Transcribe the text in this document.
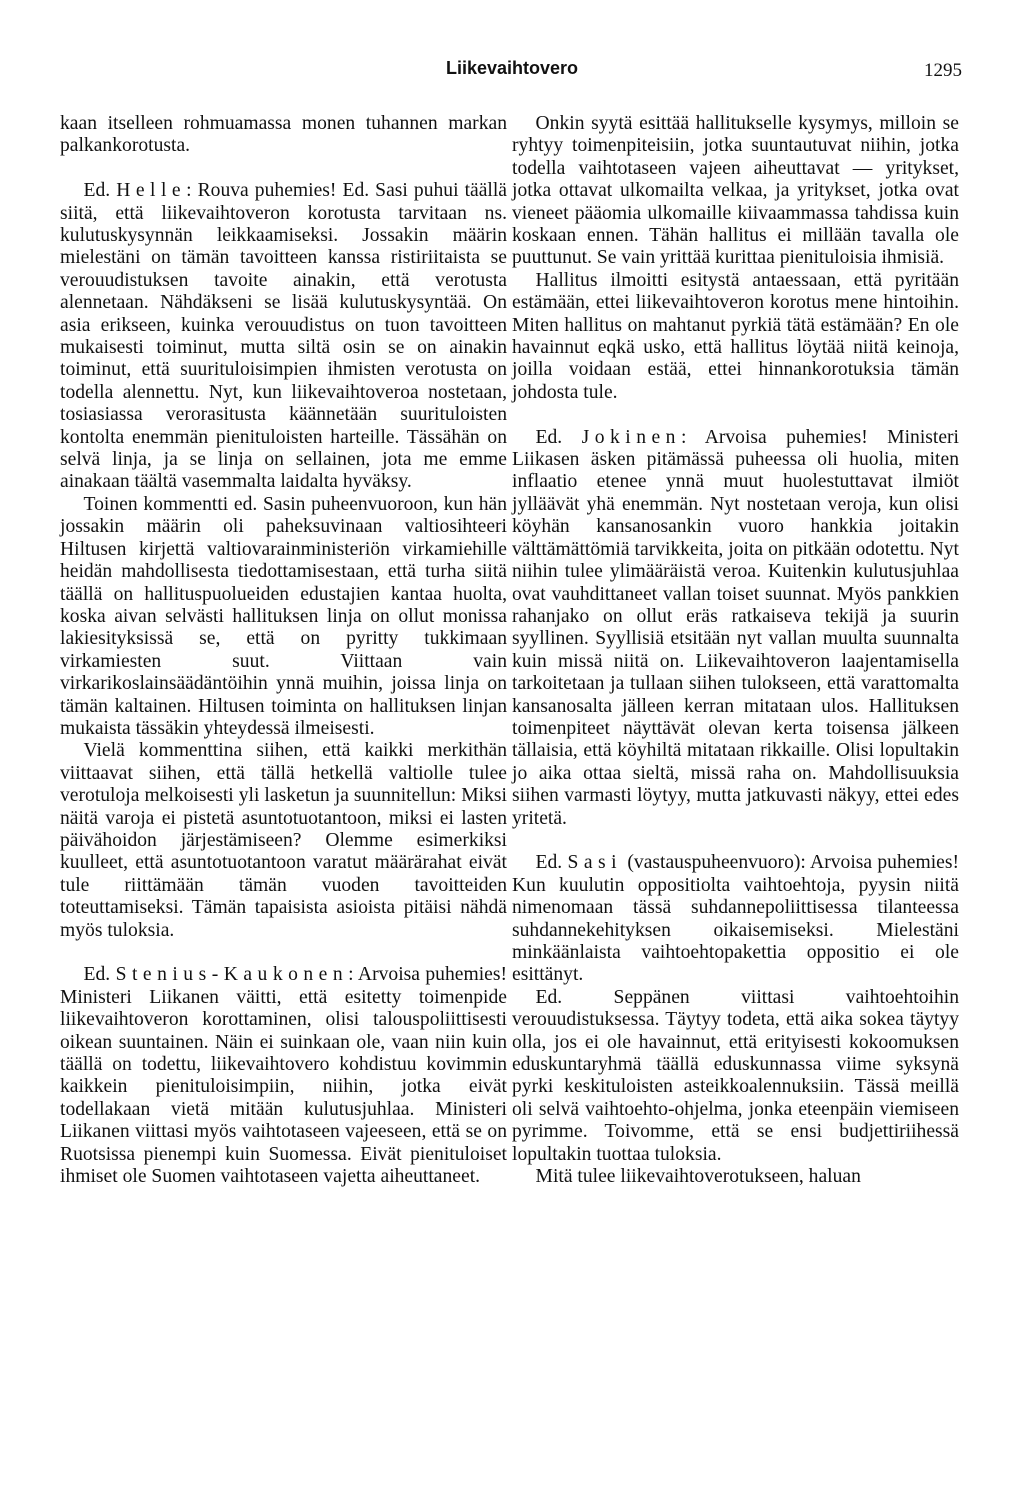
Liikevaihtovero	1295

kaan itselleen rohmuamassa monen tuhannen markan palkankorotusta.

Ed. Helle: Rouva puhemies! Ed. Sasi puhui täällä siitä, että liikevaihtoveron korotusta tarvitaan ns. kulutuskysynnän leikkaamiseksi. Jossakin määrin mielestäni on tämän tavoitteen kanssa ristiriitaista se verouudistuksen tavoite ainakin, että verotusta alennetaan. Nähdäkseni se lisää kulutuskysyntää. On asia erikseen, kuinka verouudistus on tuon tavoitteen mukaisesti toiminut, mutta siltä osin se on ainakin toiminut, että suurituloisimpien ihmisten verotusta on todella alennettu. Nyt, kun liikevaihtoveroa nostetaan, tosiasiassa verorasitusta käännetään suurituloisten kontolta enemmän pienituloisten harteille. Tässähän on selvä linja, ja se linja on sellainen, jota me emme ainakaan täältä vasemmalta laidalta hyväksy.

Toinen kommentti ed. Sasin puheenvuoroon, kun hän jossakin määrin oli paheksuvinaan valtiosihteeri Hiltusen kirjettä valtiovarainministeriön virkamiehille heidän mahdollisesta tiedottamisestaan, että turha siitä täällä on hallituspuolueiden edustajien kantaa huolta, koska aivan selvästi hallituksen linja on ollut monissa lakiesityksissä se, että on pyritty tukkimaan virkamiesten suut. Viittaan vain virkarikoslainsäädäntöihin ynnä muihin, joissa linja on tämän kaltainen. Hiltusen toiminta on hallituksen linjan mukaista tässäkin yhteydessä ilmeisesti.

Vielä kommenttina siihen, että kaikki merkithän viittaavat siihen, että tällä hetkellä valtiolle tulee verotuloja melkoisesti yli lasketun ja suunnitellun: Miksi näitä varoja ei pistetä asuntotuotantoon, miksi ei lasten päivähoidon järjestämiseen? Olemme esimerkiksi kuulleet, että asuntotuotantoon varatut määrärahat eivät tule riittämään tämän vuoden tavoitteiden toteuttamiseksi. Tämän tapaisista asioista pitäisi nähdä myös tuloksia.

Ed. Stenius-Kaukonen: Arvoisa puhemies! Ministeri Liikanen väitti, että esitetty toimenpide liikevaihtoveron korottaminen, olisi talouspoliittisesti oikean suuntainen. Näin ei suinkaan ole, vaan niin kuin täällä on todettu, liikevaihtovero kohdistuu kovimmin kaikkein pienituloisimpiin, niihin, jotka eivät todellakaan vietä mitään kulutusjuhlaa. Ministeri Liikanen viittasi myös vaihtotaseen vajeeseen, että se on Ruotsissa pienempi kuin Suomessa. Eivät pienituloiset ihmiset ole Suomen vaihtotaseen vajetta aiheuttaneet.

Onkin syytä esittää hallitukselle kysymys, milloin se ryhtyy toimenpiteisiin, jotka suuntautuvat niihin, jotka todella vaihtotaseen vajeen aiheuttavat — yritykset, jotka ottavat ulkomailta velkaa, ja yritykset, jotka ovat vieneet pääomia ulkomaille kiivaammassa tahdissa kuin koskaan ennen. Tähän hallitus ei millään tavalla ole puuttunut. Se vain yrittää kurittaa pienituloisia ihmisiä.

Hallitus ilmoitti esitystä antaessaan, että pyritään estämään, ettei liikevaihtoveron korotus mene hintoihin. Miten hallitus on mahtanut pyrkiä tätä estämään? En ole havainnut eqkä usko, että hallitus löytää niitä keinoja, joilla voidaan estää, ettei hinnankorotuksia tämän johdosta tule.

Ed. Jokinen: Arvoisa puhemies! Ministeri Liikasen äsken pitämässä puheessa oli huolia, miten inflaatio etenee ynnä muut huolestuttavat ilmiöt jylläävät yhä enemmän. Nyt nostetaan veroja, kun olisi köyhän kansanosankin vuoro hankkia joitakin välttämättömiä tarvikkeita, joita on pitkään odotettu. Nyt niihin tulee ylimääräistä veroa. Kuitenkin kulutusjuhlaa ovat vauhdittaneet vallan toiset suunnat. Myös pankkien rahanjako on ollut eräs ratkaiseva tekijä ja suurin syyllinen. Syyllisiä etsitään nyt vallan muulta suunnalta kuin missä niitä on. Liikevaihtoveron laajentamisella tarkoitetaan ja tullaan siihen tulokseen, että varattomalta kansanosalta jälleen kerran mitataan ulos. Hallituksen toimenpiteet näyttävät olevan kerta toisensa jälkeen tällaisia, että köyhiltä mitataan rikkaille. Olisi lopultakin jo aika ottaa sieltä, missä raha on. Mahdollisuuksia siihen varmasti löytyy, mutta jatkuvasti näkyy, ettei edes yritetä.

Ed. Sasi (vastauspuheenvuoro): Arvoisa puhemies! Kun kuulutin oppositiolta vaihtoehtoja, pyysin niitä nimenomaan tässä suhdannepoliittisessa tilanteessa suhdannekehityksen oikaisemiseksi. Mielestäni minkäänlaista vaihtoehtopakettia oppositio ei ole esittänyt.

Ed. Seppänen viittasi vaihtoehtoihin verouudistuksessa. Täytyy todeta, että aika sokea täytyy olla, jos ei ole havainnut, että erityisesti kokoomuksen eduskuntaryhmä täällä eduskunnassa viime syksynä pyrki keskituloisten asteikkoalennuksiin. Tässä meillä oli selvä vaihtoehto-ohjelma, jonka eteenpäin viemiseen pyrimme. Toivomme, että se ensi budjettiriihessä lopultakin tuottaa tuloksia.

Mitä tulee liikevaihtoverotukseen, haluan
